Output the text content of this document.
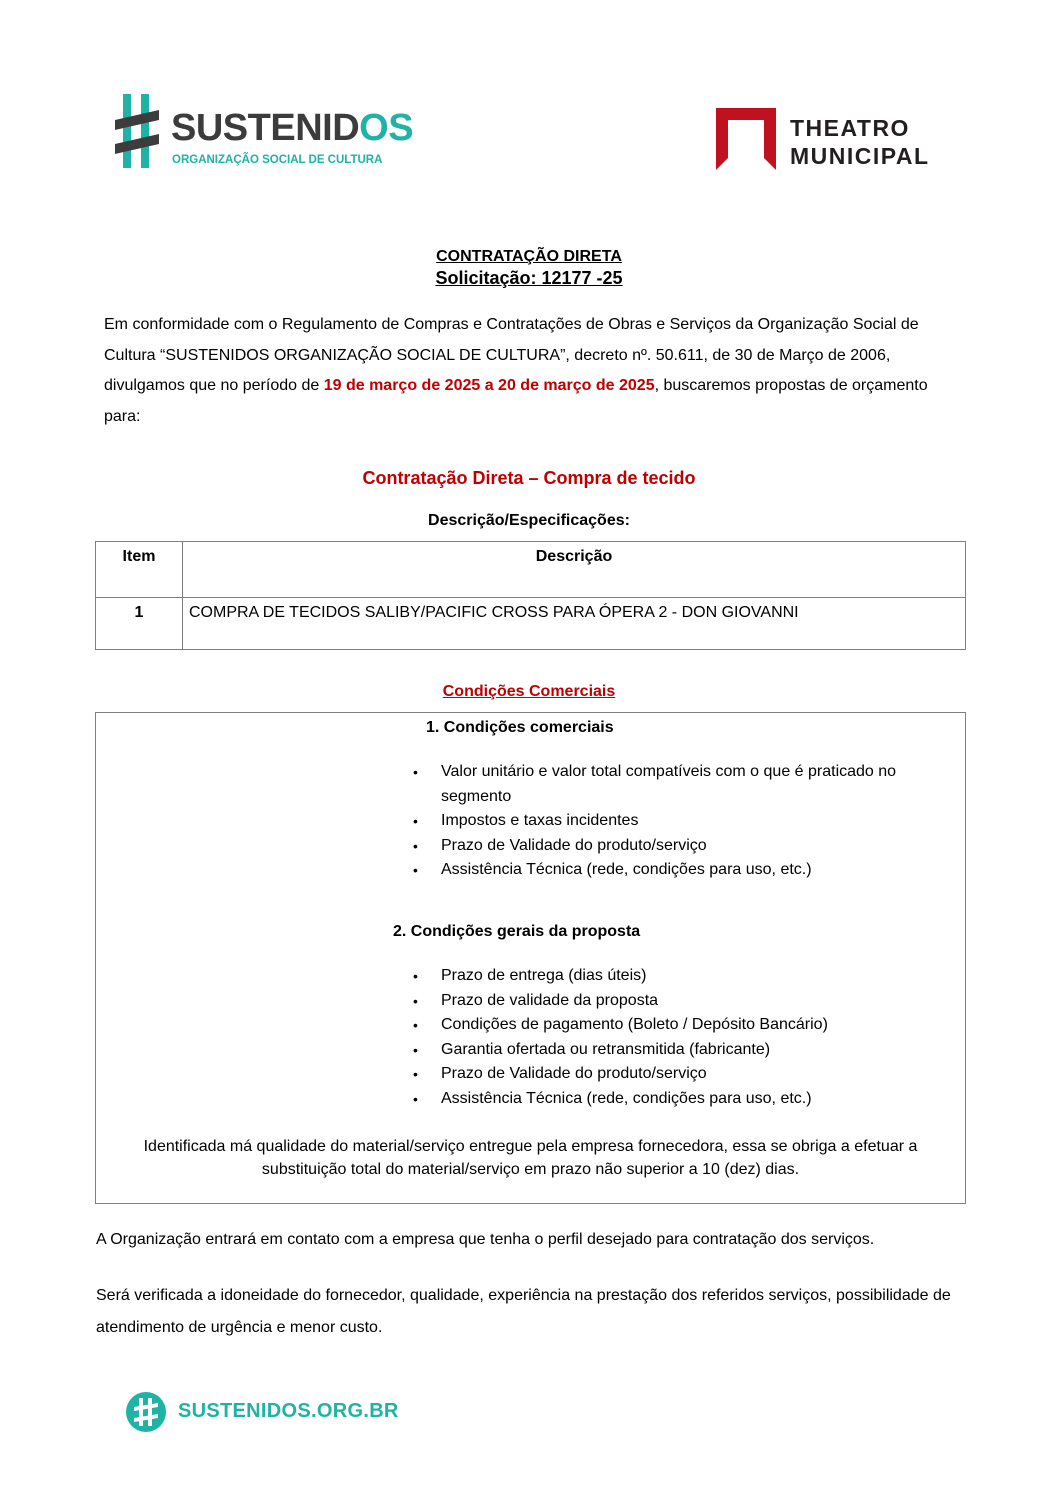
SUSTENIDOS
ORGANIZAÇÃO SOCIAL DE CULTURA
THEATRO
MUNICIPAL
CONTRATAÇÃO DIRETA
Solicitação: 12177 -25
Em conformidade com o Regulamento de Compras e Contratações de Obras e Serviços da Organização Social de Cultura “SUSTENIDOS ORGANIZAÇÃO SOCIAL DE CULTURA”, decreto nº. 50.611, de 30 de Março de 2006, divulgamos que no período de 19 de março de 2025 a 20 de março de 2025, buscaremos propostas de orçamento para:
Contratação Direta – Compra de tecido
Descrição/Especificações:
Item	Descrição
1	COMPRA DE TECIDOS SALIBY/PACIFIC CROSS PARA ÓPERA 2 - DON GIOVANNI
Condições Comerciais
1. Condições comerciais
• Valor unitário e valor total compatíveis com o que é praticado no segmento
• Impostos e taxas incidentes
• Prazo de Validade do produto/serviço
• Assistência Técnica (rede, condições para uso, etc.)
2. Condições gerais da proposta
• Prazo de entrega (dias úteis)
• Prazo de validade da proposta
• Condições de pagamento (Boleto / Depósito Bancário)
• Garantia ofertada ou retransmitida (fabricante)
• Prazo de Validade do produto/serviço
• Assistência Técnica (rede, condições para uso, etc.)
Identificada má qualidade do material/serviço entregue pela empresa fornecedora, essa se obriga a efetuar a substituição total do material/serviço em prazo não superior a 10 (dez) dias.
A Organização entrará em contato com a empresa que tenha o perfil desejado para contratação dos serviços.
Será verificada a idoneidade do fornecedor, qualidade, experiência na prestação dos referidos serviços, possibilidade de atendimento de urgência e menor custo.
SUSTENIDOS.ORG.BR
